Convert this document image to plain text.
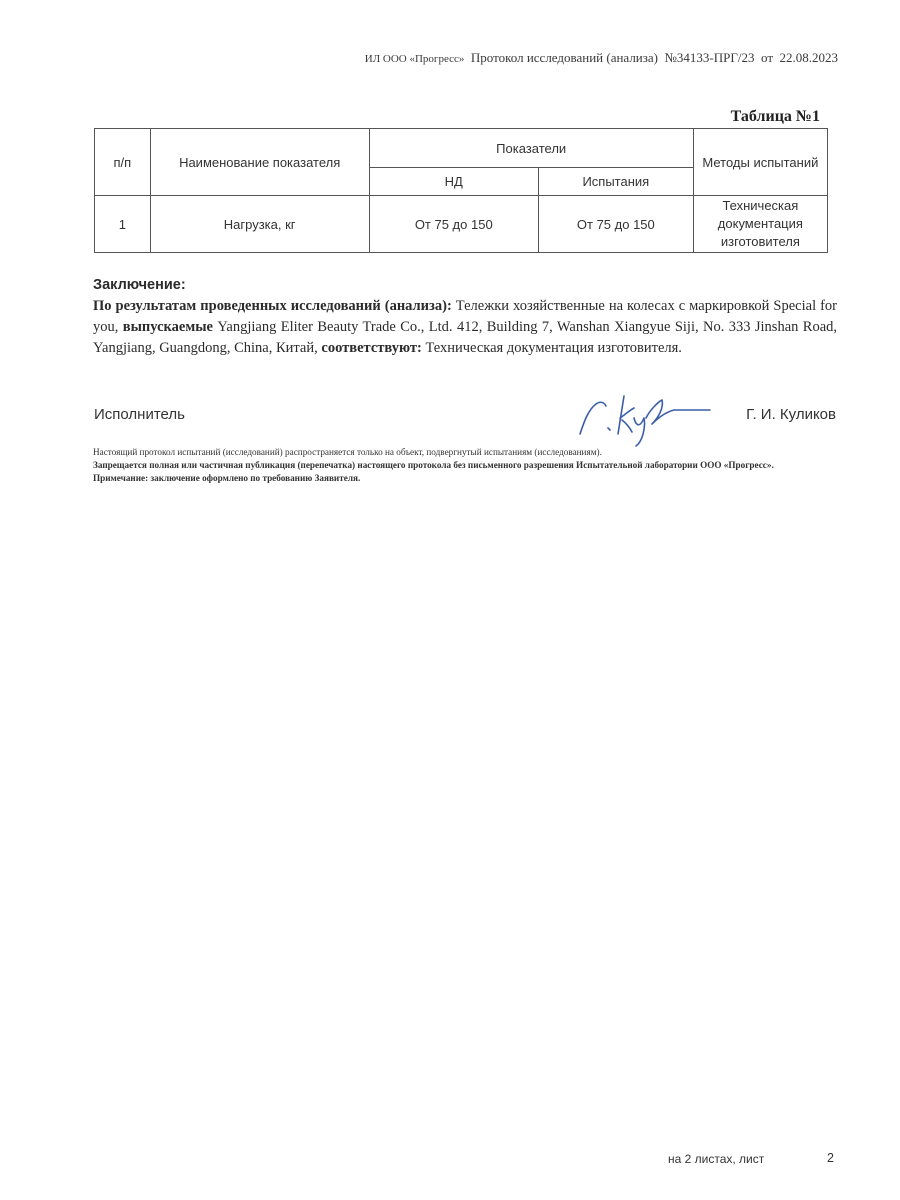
ИЛ ООО «Прогресс» Протокол исследований (анализа) №34133-ПРГ/23 от 22.08.2023
Таблица №1
п/п	Наименование показателя	Показатели		Методы испытаний
		НД	Испытания	
1	Нагрузка, кг	От 75 до 150	От 75 до 150	Техническая документация изготовителя
Заключение:
По результатам проведенных исследований (анализа): Тележки хозяйственные на колесах с маркировкой Special for you, выпускаемые Yangjiang Eliter Beauty Trade Co., Ltd. 412, Building 7, Wanshan Xiangyue Siji, No. 333 Jinshan Road, Yangjiang, Guangdong, China, Китай, соответствуют: Техническая документация изготовителя.
Исполнитель	Г. И. Куликов
Настоящий протокол испытаний (исследований) распространяется только на объект, подвергнутый испытаниям (исследованиям).
Запрещается полная или частичная публикация (перепечатка) настоящего протокола без письменного разрешения Испытательной лаборатории ООО «Прогресс».
Примечание: заключение оформлено по требованию Заявителя.
на 2 листах, лист	2
